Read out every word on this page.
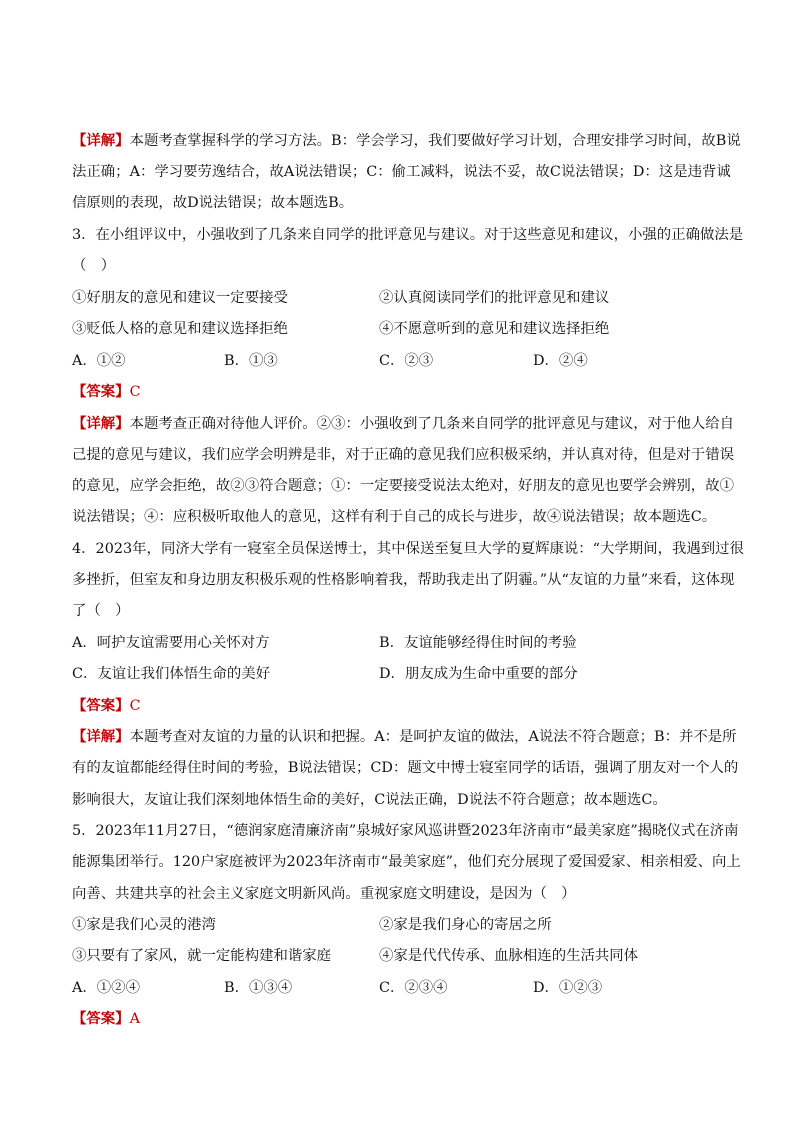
【详解】本题考查掌握科学的学习方法。B：学会学习，我们要做好学习计划，合理安排学习时间，故B说
法正确；A：学习要劳逸结合，故A说法错误；C：偷工减料，说法不妥，故C说法错误；D：这是违背诚
信原则的表现，故D说法错误；故本题选B。
3．在小组评议中，小强收到了几条来自同学的批评意见与建议。对于这些意见和建议，小强的正确做法是
（　）
①好朋友的意见和建议一定要接受	②认真阅读同学们的批评意见和建议
③贬低人格的意见和建议选择拒绝	④不愿意听到的意见和建议选择拒绝
A．①②	B．①③	C．②③	D．②④
【答案】C
【详解】本题考查正确对待他人评价。②③：小强收到了几条来自同学的批评意见与建议，对于他人给自
己提的意见与建议，我们应学会明辨是非，对于正确的意见我们应积极采纳，并认真对待，但是对于错误
的意见，应学会拒绝，故②③符合题意；①：一定要接受说法太绝对，好朋友的意见也要学会辨别，故①
说法错误；④：应积极听取他人的意见，这样有利于自己的成长与进步，故④说法错误；故本题选C。
4．2023年，同济大学有一寝室全员保送博士，其中保送至复旦大学的夏辉康说：“大学期间，我遇到过很
多挫折，但室友和身边朋友积极乐观的性格影响着我，帮助我走出了阴霾。”从“友谊的力量”来看，这体现
了（　）
A．呵护友谊需要用心关怀对方	B．友谊能够经得住时间的考验
C．友谊让我们体悟生命的美好	D．朋友成为生命中重要的部分
【答案】C
【详解】本题考查对友谊的力量的认识和把握。A：是呵护友谊的做法，A说法不符合题意；B：并不是所
有的友谊都能经得住时间的考验，B说法错误；CD：题文中博士寝室同学的话语，强调了朋友对一个人的
影响很大，友谊让我们深刻地体悟生命的美好，C说法正确，D说法不符合题意；故本题选C。
5．2023年11月27日，“德润家庭清廉济南”泉城好家风巡讲暨2023年济南市“最美家庭”揭晓仪式在济南
能源集团举行。120户家庭被评为2023年济南市“最美家庭”，他们充分展现了爱国爱家、相亲相爱、向上
向善、共建共享的社会主义家庭文明新风尚。重视家庭文明建设，是因为（　）
①家是我们心灵的港湾	②家是我们身心的寄居之所
③只要有了家风，就一定能构建和谐家庭	④家是代代传承、血脉相连的生活共同体
A．①②④	B．①③④	C．②③④	D．①②③
【答案】A
